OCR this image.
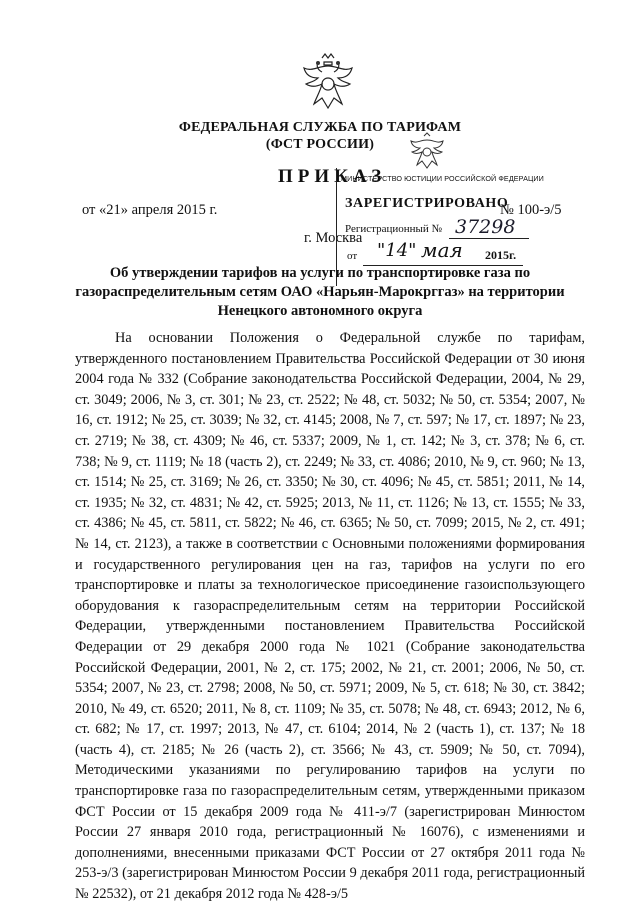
ФЕДЕРАЛЬНАЯ СЛУЖБА ПО ТАРИФАМ
(ФСТ РОССИИ)
ПРИКАЗ
от «21» апреля 2015 г.	№ 100-э/5
г. Москва
МИНИСТЕРСТВО ЮСТИЦИИ РОССИЙСКОЙ ФЕДЕРАЦИИ
ЗАРЕГИСТРИРОВАНО
Регистрационный № 37298
от "14" мая 2015г.
Об утверждении тарифов на услуги по транспортировке газа по
газораспределительным сетям ОАО «Нарьян-Марокрггаз» на территории
Ненецкого автономного округа
На основании Положения о Федеральной службе по тарифам, утвержденного постановлением Правительства Российской Федерации от 30 июня 2004 года № 332 (Собрание законодательства Российской Федерации, 2004, № 29, ст. 3049; 2006, № 3, ст. 301; № 23, ст. 2522; № 48, ст. 5032; № 50, ст. 5354; 2007, № 16, ст. 1912; № 25, ст. 3039; № 32, ст. 4145; 2008, № 7, ст. 597; № 17, ст. 1897; № 23, ст. 2719; № 38, ст. 4309; № 46, ст. 5337; 2009, № 1, ст. 142; № 3, ст. 378; № 6, ст. 738; № 9, ст. 1119; № 18 (часть 2), ст. 2249; № 33, ст. 4086; 2010, № 9, ст. 960; № 13, ст. 1514; № 25, ст. 3169; № 26, ст. 3350; № 30, ст. 4096; № 45, ст. 5851; 2011, № 14, ст. 1935; № 32, ст. 4831; № 42, ст. 5925; 2013, № 11, ст. 1126; № 13, ст. 1555; № 33, ст. 4386; № 45, ст. 5811, ст. 5822; № 46, ст. 6365; № 50, ст. 7099; 2015, № 2, ст. 491; № 14, ст. 2123), а также в соответствии с Основными положениями формирования и государственного регулирования цен на газ, тарифов на услуги по его транспортировке и платы за технологическое присоединение газоиспользующего оборудования к газораспределительным сетям на территории Российской Федерации, утвержденными постановлением Правительства Российской Федерации от 29 декабря 2000 года № 1021 (Собрание законодательства Российской Федерации, 2001, № 2, ст. 175; 2002, № 21, ст. 2001; 2006, № 50, ст. 5354; 2007, № 23, ст. 2798; 2008, № 50, ст. 5971; 2009, № 5, ст. 618; № 30, ст. 3842; 2010, № 49, ст. 6520; 2011, № 8, ст. 1109; № 35, ст. 5078; № 48, ст. 6943; 2012, № 6, ст. 682; № 17, ст. 1997; 2013, № 47, ст. 6104; 2014, № 2 (часть 1), ст. 137; № 18 (часть 4), ст. 2185; № 26 (часть 2), ст. 3566; № 43, ст. 5909; № 50, ст. 7094), Методическими указаниями по регулированию тарифов на услуги по транспортировке газа по газораспределительным сетям, утвержденными приказом ФСТ России от 15 декабря 2009 года № 411-э/7 (зарегистрирован Минюстом России 27 января 2010 года, регистрационный № 16076), с изменениями и дополнениями, внесенными приказами ФСТ России от 27 октября 2011 года № 253-э/3 (зарегистрирован Минюстом России 9 декабря 2011 года, регистрационный № 22532), от 21 декабря 2012 года № 428-э/5
